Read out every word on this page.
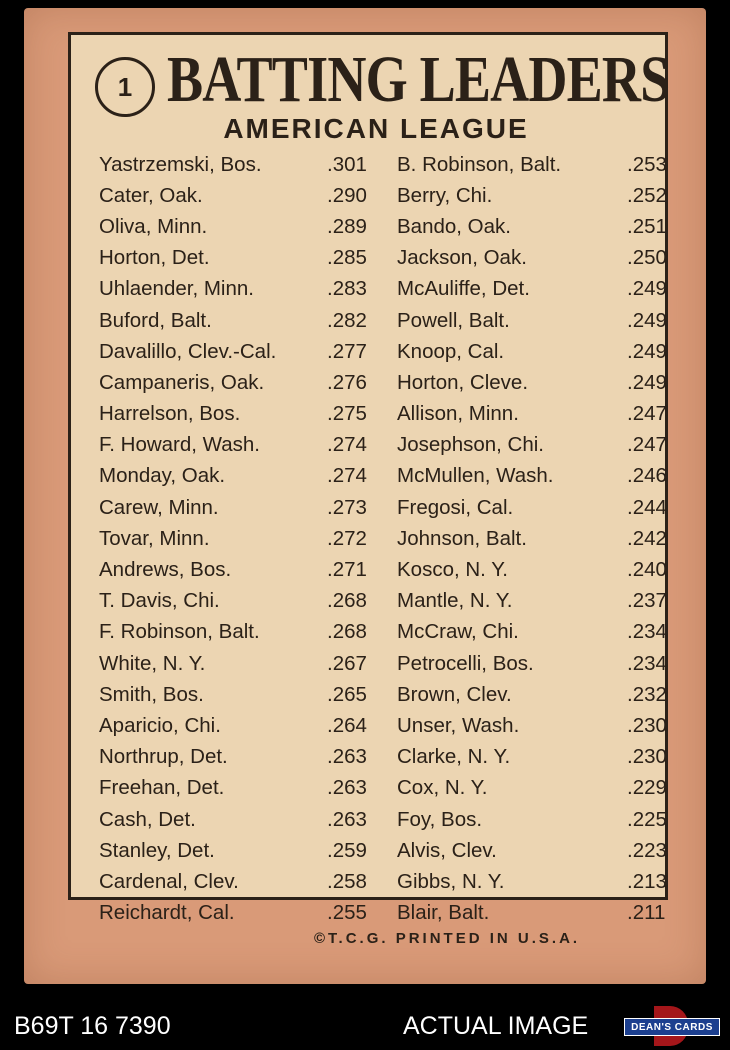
1 BATTING LEADERS
AMERICAN LEAGUE
Yastrzemski, Bos.	.301	B. Robinson, Balt.	.253
Cater, Oak.	.290	Berry, Chi.	.252
Oliva, Minn.	.289	Bando, Oak.	.251
Horton, Det.	.285	Jackson, Oak.	.250
Uhlaender, Minn.	.283	McAuliffe, Det.	.249
Buford, Balt.	.282	Powell, Balt.	.249
Davalillo, Clev.-Cal.	.277	Knoop, Cal.	.249
Campaneris, Oak.	.276	Horton, Cleve.	.249
Harrelson, Bos.	.275	Allison, Minn.	.247
F. Howard, Wash.	.274	Josephson, Chi.	.247
Monday, Oak.	.274	McMullen, Wash.	.246
Carew, Minn.	.273	Fregosi, Cal.	.244
Tovar, Minn.	.272	Johnson, Balt.	.242
Andrews, Bos.	.271	Kosco, N. Y.	.240
T. Davis, Chi.	.268	Mantle, N. Y.	.237
F. Robinson, Balt.	.268	McCraw, Chi.	.234
White, N. Y.	.267	Petrocelli, Bos.	.234
Smith, Bos.	.265	Brown, Clev.	.232
Aparicio, Chi.	.264	Unser, Wash.	.230
Northrup, Det.	.263	Clarke, N. Y.	.230
Freehan, Det.	.263	Cox, N. Y.	.229
Cash, Det.	.263	Foy, Bos.	.225
Stanley, Det.	.259	Alvis, Clev.	.223
Cardenal, Clev.	.258	Gibbs, N. Y.	.213
Reichardt, Cal.	.255	Blair, Balt.	.211
©T.C.G. PRINTED IN U.S.A.
B69T 16 7390	ACTUAL IMAGE	DEAN'S CARDS
